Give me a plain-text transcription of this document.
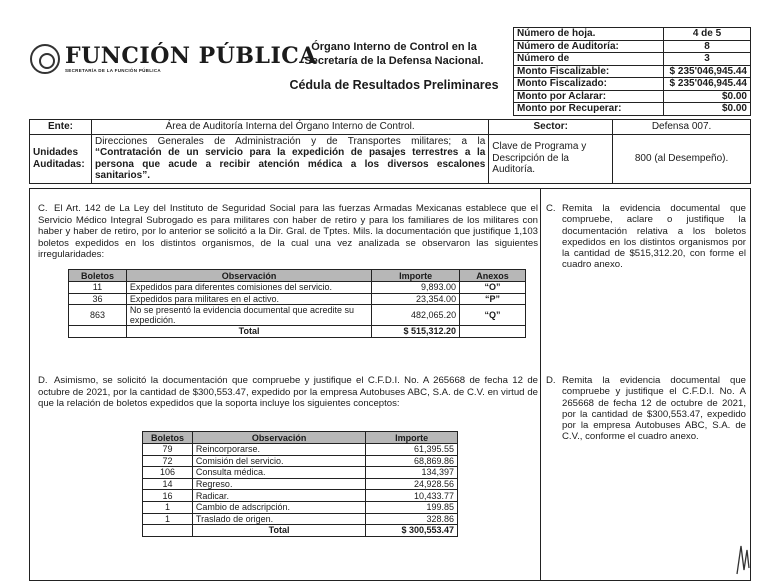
FUNCIÓN PÚBLICA
SECRETARÍA DE LA FUNCIÓN PÚBLICA
Órgano Interno de Control en la
Secretaría de la Defensa Nacional.
Cédula de Resultados Preliminares
Número de hoja.	4 de 5
Número de Auditoría:	8
Número de	3
Monto Fiscalizable:	$ 235'046,945.44
Monto Fiscalizado:	$ 235'046,945.44
Monto por Aclarar:	$0.00
Monto por Recuperar:	$0.00
Ente:	Área de Auditoría Interna del Órgano Interno de Control.	Sector:	Defensa 007.
Unidades Auditadas:	Direcciones Generales de Administración y de Transportes militares; a la “Contratación de un servicio para la expedición de pasajes terrestres a la persona que acude a recibir atención médica a los diversos escalones sanitarios”.	Clave de Programa y Descripción de la Auditoría.	800 (al Desempeño).
C. El Art. 142 de La Ley del Instituto de Seguridad Social para las fuerzas Armadas Mexicanas establece que el Servicio Médico Integral Subrogado es para militares con haber de retiro y para los familiares de los militares con haber y haber de retiro, por lo anterior se solicitó a la Dir. Gral. de Tptes. Mils. la documentación que justifique 1,103 boletos expedidos en los distintos organismos, de la cual una vez analizada se observaron las siguientes irregularidades:
Boletos	Observación	Importe	Anexos
11	Expedidos para diferentes comisiones del servicio.	9,893.00	“O”
36	Expedidos para militares en el activo.	23,354.00	“P”
863	No se presentó la evidencia documental que acredite su expedición.	482,065.20	“Q”
	Total	$ 515,312.20	
C. Remita la evidencia documental que compruebe, aclare o justifique la documentación relativa a los boletos expedidos en los distintos organismos por la cantidad de $515,312.20, con forme el cuadro anexo.
D. Asimismo, se solicitó la documentación que compruebe y justifique el C.F.D.I. No. A 265668 de fecha 12 de octubre de 2021, por la cantidad de $300,553.47, expedido por la empresa Autobuses ABC, S.A. de C.V. en virtud de que la relación de boletos expedidos que la soporta incluye los siguientes conceptos:
Boletos	Observación	Importe
79	Reincorporarse.	61,395.55
72	Comisión del servicio.	68,869.86
106	Consulta médica.	134,397
14	Regreso.	24,928.56
16	Radicar.	10,433.77
1	Cambio de adscripción.	199.85
1	Traslado de origen.	328.86
	Total	$ 300,553.47
D. Remita la evidencia documental que compruebe y justifique el C.F.D.I. No. A 265668 de fecha 12 de octubre de 2021, por la cantidad de $300,553.47, expedido por la empresa Autobuses ABC, S.A. de C.V., conforme el cuadro anexo.
